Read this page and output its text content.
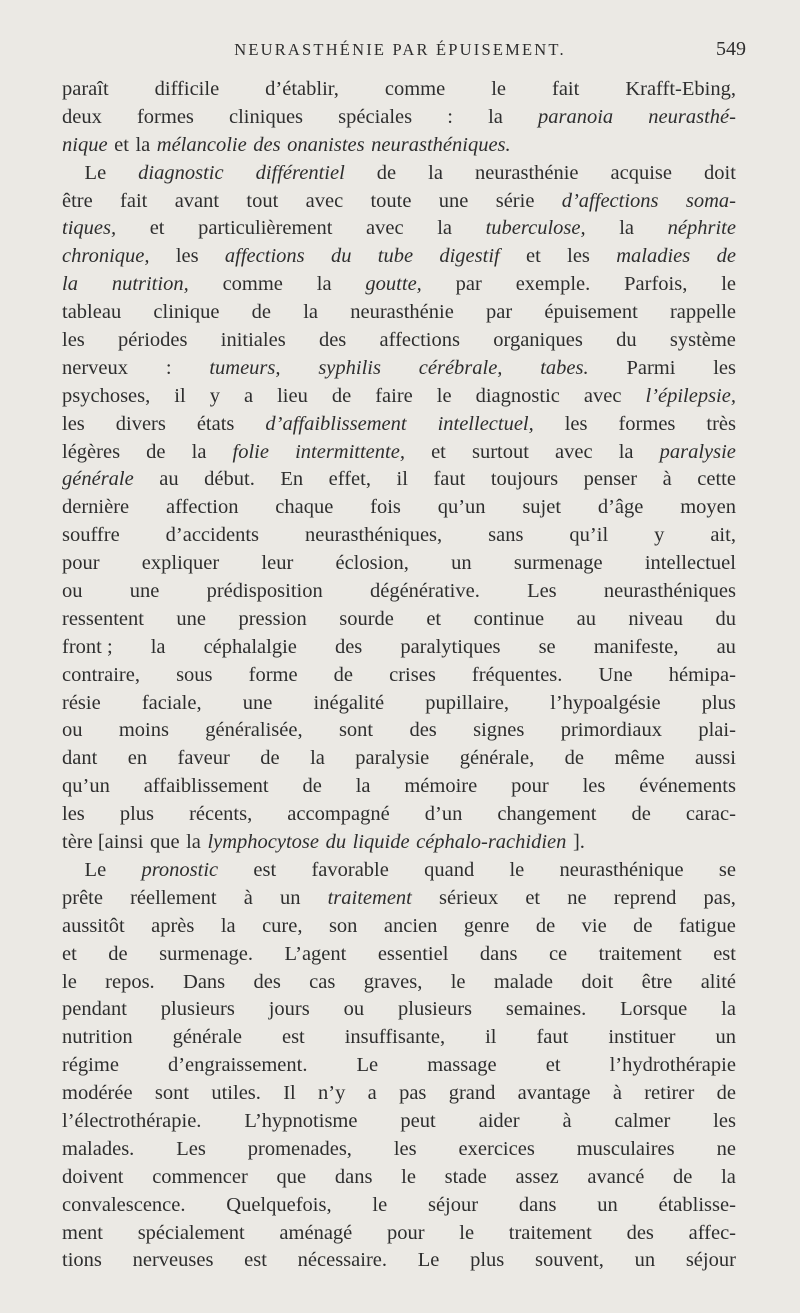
NEURASTHÉNIE PAR ÉPUISEMENT.	549
paraît difficile d’établir, comme le fait Krafft-Ebing,
deux formes cliniques spéciales : la paranoia neurasthé-
nique et la mélancolie des onanistes neurasthéniques.
Le diagnostic différentiel de la neurasthénie acquise doit
être fait avant tout avec toute une série d’affections soma-
tiques, et particulièrement avec la tuberculose, la néphrite
chronique, les affections du tube digestif et les maladies de
la nutrition, comme la goutte, par exemple. Parfois, le
tableau clinique de la neurasthénie par épuisement rappelle
les périodes initiales des affections organiques du système
nerveux : tumeurs, syphilis cérébrale, tabes. Parmi les
psychoses, il y a lieu de faire le diagnostic avec l’épilepsie,
les divers états d’affaiblissement intellectuel, les formes très
légères de la folie intermittente, et surtout avec la paralysie
générale au début. En effet, il faut toujours penser à cette
dernière affection chaque fois qu’un sujet d’âge moyen
souffre d’accidents neurasthéniques, sans qu’il y ait,
pour expliquer leur éclosion, un surmenage intellectuel
ou une prédisposition dégénérative. Les neurasthéniques
ressentent une pression sourde et continue au niveau du
front ; la céphalalgie des paralytiques se manifeste, au
contraire, sous forme de crises fréquentes. Une hémipa-
résie faciale, une inégalité pupillaire, l’hypoalgésie plus
ou moins généralisée, sont des signes primordiaux plai-
dant en faveur de la paralysie générale, de même aussi
qu’un affaiblissement de la mémoire pour les événements
les plus récents, accompagné d’un changement de carac-
tère [ainsi que la lymphocytose du liquide céphalo-rachidien ].
Le pronostic est favorable quand le neurasthénique se
prête réellement à un traitement sérieux et ne reprend pas,
aussitôt après la cure, son ancien genre de vie de fatigue
et de surmenage. L’agent essentiel dans ce traitement est
le repos. Dans des cas graves, le malade doit être alité
pendant plusieurs jours ou plusieurs semaines. Lorsque la
nutrition générale est insuffisante, il faut instituer un
régime d’engraissement. Le massage et l’hydrothérapie
modérée sont utiles. Il n’y a pas grand avantage à retirer de
l’électrothérapie. L’hypnotisme peut aider à calmer les
malades. Les promenades, les exercices musculaires ne
doivent commencer que dans le stade assez avancé de la
convalescence. Quelquefois, le séjour dans un établisse-
ment spécialement aménagé pour le traitement des affec-
tions nerveuses est nécessaire. Le plus souvent, un séjour
